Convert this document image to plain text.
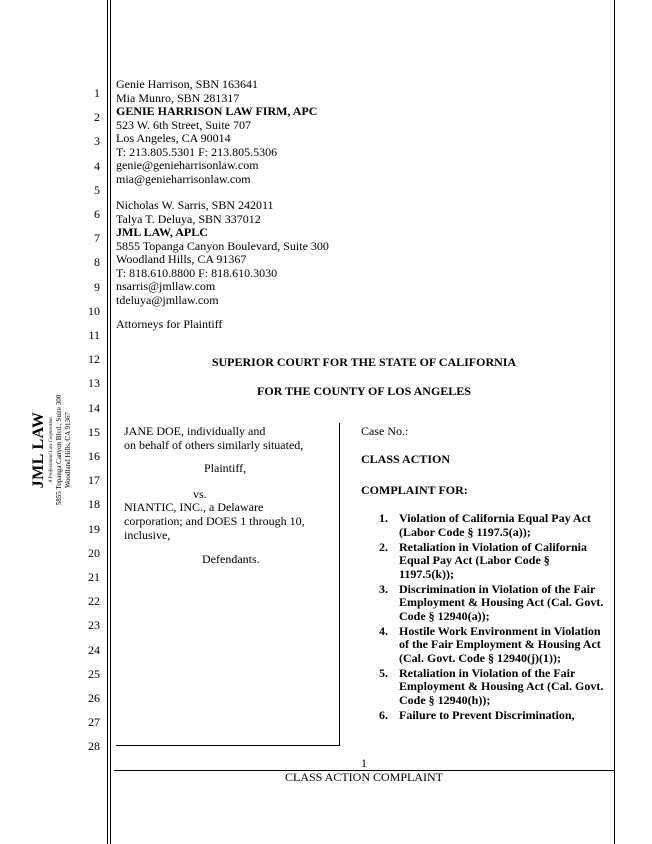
1
2
3
4
5
6
7
8
9
10
11
12
13
14
15
16
17
18
19
20
21
22
23
24
25
26
27
28
JML LAW A Professional Law Corporation 5855 Topanga Canyon Blvd., Suite 300 Woodland Hills, CA 91367
Genie Harrison, SBN 163641
Mia Munro, SBN 281317
GENIE HARRISON LAW FIRM, APC
523 W. 6th Street, Suite 707
Los Angeles, CA 90014
T: 213.805.5301 F: 213.805.5306
genie@genieharrisonlaw.com
mia@genieharrisonlaw.com
Nicholas W. Sarris, SBN 242011
Talya T. Deluya, SBN 337012
JML LAW, APLC
5855 Topanga Canyon Boulevard, Suite 300
Woodland Hills, CA 91367
T: 818.610.8800 F: 818.610.3030
nsarris@jmllaw.com
tdeluya@jmllaw.com
Attorneys for Plaintiff
SUPERIOR COURT FOR THE STATE OF CALIFORNIA
FOR THE COUNTY OF LOS ANGELES
JANE DOE, individually and
on behalf of others similarly situated,
Plaintiff,
vs.
NIANTIC, INC., a Delaware
corporation; and DOES 1 through 10,
inclusive,
Defendants.
Case No.:
CLASS ACTION
COMPLAINT FOR:
1. Violation of California Equal Pay Act (Labor Code § 1197.5(a));
2. Retaliation in Violation of California Equal Pay Act (Labor Code § 1197.5(k));
3. Discrimination in Violation of the Fair Employment & Housing Act (Cal. Govt. Code § 12940(a));
4. Hostile Work Environment in Violation of the Fair Employment & Housing Act (Cal. Govt. Code § 12940(j)(1));
5. Retaliation in Violation of the Fair Employment & Housing Act (Cal. Govt. Code § 12940(h));
6. Failure to Prevent Discrimination,
1
CLASS ACTION COMPLAINT
